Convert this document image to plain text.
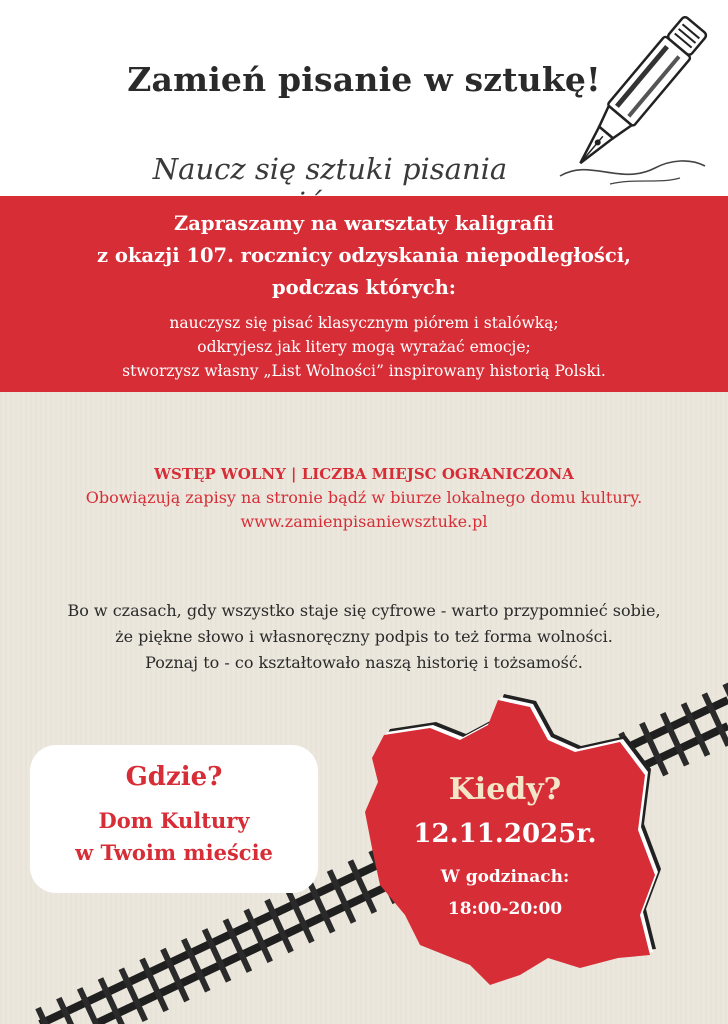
Zamień pisanie w sztukę!
Naucz się sztuki pisania
Zapraszamy na warsztaty kaligrafii
z okazji 107. rocznicy odzyskania niepodległości,
podczas których:
nauczysz się pisać klasycznym piórem i stalówką;
odkryjesz jak litery mogą wyrażać emocje;
stworzysz własny „List Wolności” inspirowany historią Polski.
WSTĘP WOLNY | LICZBA MIEJSC OGRANICZONA
Obowiązują zapisy na stronie bądź w biurze lokalnego domu kultury.
www.zamienpisaniewsztuke.pl
Bo w czasach, gdy wszystko staje się cyfrowe - warto przypomnieć sobie,
że piękne słowo i własnoręczny podpis to też forma wolności.
Poznaj to - co kształtowało naszą historię i tożsamość.
Gdzie?
Dom Kultury
w Twoim mieście
Kiedy?
12.11.2025r.
W godzinach:
18:00-20:00
